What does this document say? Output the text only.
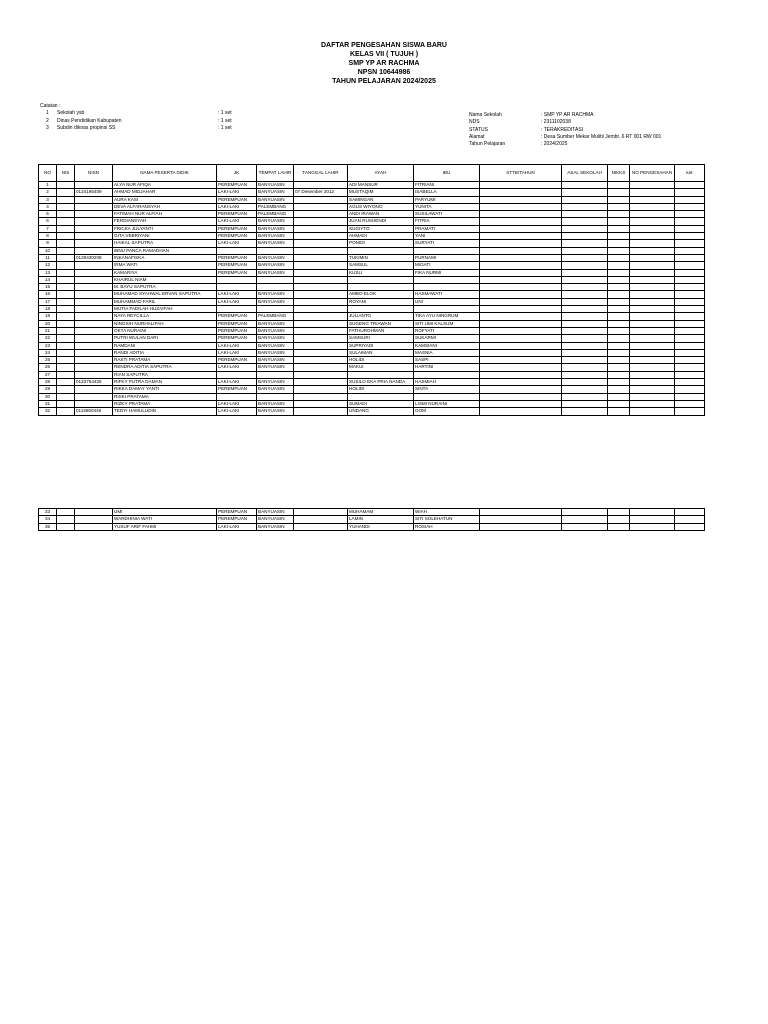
DAFTAR PENGESAHAN SISWA BARU
KELAS VII ( TUJUH )
SMP YP AR RACHMA
NPSN 10644986
TAHUN PELAJARAN 2024/2025
Catatan :
1 Sekolah ysb	: 1 set
2 Dinas Pendidikan Kabupaten	: 1 set
3 Subdin diknas propinsi SS	: 1 set
Nama Sekolah	: SMP YP AR RACHMA
NDS	: 2311102038
STATUS	: TERAKREDITASI
Alamat	: Desa Sumber Mekar Mulitii Jembt. 6 RT 001 RW 001
Tahun Pelajaran	: 2024/2025
NO	NIS	NISN	NAMA PESERTA DIDIK	JK	TEMPAT LAHIR	TANGGAL LAHIR	AYAH	IBU	STTB/TAHUN	ASAL SEKOLAH	NIKKS	NO PENGESAHAN	ket
1			ALYA NUR AFIQA	PEREMPUAN	BANYUASIN		ADI MANSUR	FITRIANI					
2		0124195409	AHMAD MIDJAHAR	LAKI-LAKI	BANYUASIN	07 Desember 2012	MUSTAQIM	ISABELLA					
3			AURA KASI	PEREMPUAN	BANYUASIN		SAMINGAN	PARYUMI					
4			DEVA ALFARANSYAH	LAKI-LAKI	PALEMBANG		AGUS WIYONO	YUNITA					
5			FATIMAH NUR ALFIAH	PEREMPUAN	PALEMBANG		ANDI IRAWAN	SUSILAWATI					
6			FERDIANSYAH	LAKI-LAKI	BANYUASIN		JUAN RUSHENDI	FITRIA					
7			FRICKA JULYANTI	PEREMPUAN	BANYUASIN		SUGIYTO	PRAMATI					
8			GITA VEBRIYANI	PEREMPUAN	BANYUASIN		AHMADI	YANI					
9			HAIKAL SAPUTRA	LAKI-LAKI	BANYUASIN		PONIDI	SURYATI					
10			IBNU PANCA RAMADHAN										
11		0128430208	INKANAFISKA	PEREMPUAN	BANYUASIN		TUKIMIN	PURNAMI					
12			IRMA WATI	PEREMPUAN	BANYUASIN		SAMSUL	MIGATI					
13			KAMARIYA	PEREMPUAN	BANYUASIN		KUSLI	FIKA NURMI					
14			KHAIRUL NIAM										
15			M. BAYU SAPUTRA										
16			MUHAMAD SYAHWAL ERVAN SAPUTRA	LAKI-LAKI	BANYUASIN		AMBO ELOK	HASMAWATI					
17			MUHAMMAD FARIL	LAKI-LAKI	BANYUASIN		ROYANI	UNI					
18			MUTIA FADILAH HUZAIFAH										
19			NAYA REYCILLA	PEREMPUAN	PALEMBANG		JULIANTO	TIKA AYU NINGRUM					
20			NINGSIH NURHALIFAH	PEREMPUAN	BANYUASIN		SUGENG TRIAWAN	SITI UMI KALSUM					
21			OKTA NURAINI	PEREMPUAN	BANYUASIN		FATHUROHMAN	ROFYATI					
22			PUTRI WULAN DARI	PEREMPUAN	BANYUASIN		SAMSURI	SUKARMI					
23			RAMDANI	LAKI-LAKI	BANYUASIN		SUPRIYADI	KAMSIANI					
24			RANDI ADITIA	LAKI-LAKI	BANYUASIN		SULAIMAN	MASNIA					
25			RASTI PRATAMA	PEREMPUAN	BANYUASIN		HOLIDI	SASPI					
26			RENDRA ADITIA SAPUTRA	LAKI-LAKI	BANYUASIN		MAKUI	HARTINI					
27			RIAN SAPUTRA										
28		0123764426	RIFKY PUTRA DAMAN	LAKI-LAKI	BANYUASIN		SUSILO EKA PRIA NANDA	HASMIAH					
29			RIKKA DAMAY YANTI	PEREMPUAN	BANYUASIN		HOLIDI	SINTA					
30			RISKI PRATAMA										
31			RIZKY PRATAMA	LAKI-LAKI	BANYUASIN		SUMADI	LISMI NURAINI					
32		0115860446	TEDYI HAMULUDIN	LAKI-LAKI	BANYUASIN		UNDANG	OOM					
33			UMI	PEREMPUAN	BANYUASIN		MUHAMAM	WIAH					
34			WARDHINIA WATI	PEREMPUAN	BANYUASIN		LAMIN	SITI SOLEHATUN					
35			YUSUF ARIF FAHMI	LAKI-LAKI	BANYUASIN		YUHANDI	ROSIAH					
